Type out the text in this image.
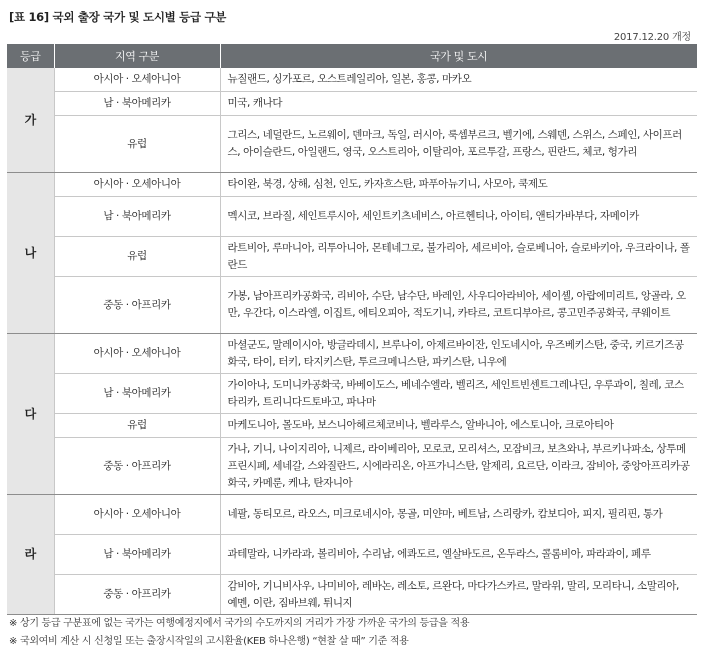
[표 16] 국외 출장 국가 및 도시별 등급 구분
2017.12.20 개정
등급	지역 구분	국가 및 도시
가	아시아 · 오세아니아	뉴질랜드, 싱가포르, 오스트레일리아, 일본, 홍콩, 마카오
	남 · 북아메리카	미국, 캐나다
	유럽	그리스, 네덜란드, 노르웨이, 덴마크, 독일, 러시아, 룩셈부르크, 벨기에, 스웨덴, 스위스, 스페인, 사이프러스, 아이슬란드, 아일랜드, 영국, 오스트리아, 이탈리아, 포르투갈, 프랑스, 핀란드, 체코, 헝가리
나	아시아 · 오세아니아	타이완, 북경, 상해, 심천, 인도, 카자흐스탄, 파푸아뉴기니, 사모아, 쿡제도
	남 · 북아메리카	멕시코, 브라질, 세인트루시아, 세인트키츠네비스, 아르헨티나, 아이티, 앤티가바부다, 자메이카
	유럽	라트비아, 루마니아, 리투아니아, 몬테네그로, 불가리아, 세르비아, 슬로베니아, 슬로바키아, 우크라이나, 폴란드
	중동 · 아프리카	가봉, 남아프리카공화국, 리비아, 수단, 남수단, 바레인, 사우디아라비아, 세이셸, 아랍에미리트, 앙골라, 오만, 우간다, 이스라엘, 이집트, 에티오피아, 적도기니, 카타르, 코트디부아르, 콩고민주공화국, 쿠웨이트
다	아시아 · 오세아니아	마셜군도, 말레이시아, 방글라데시, 브루나이, 아제르바이잔, 인도네시아, 우즈베키스탄, 중국, 키르기즈공화국, 타이, 터키, 타지키스탄, 투르크메니스탄, 파키스탄, 니우에
	남 · 북아메리카	가이아나, 도미니카공화국, 바베이도스, 베네수엘라, 벨리즈, 세인트빈센트그레나딘, 우루과이, 칠레, 코스타리카, 트리니다드토바고, 파나마
	유럽	마케도니아, 몰도바, 보스니아헤르체코비나, 벨라루스, 알바니아, 에스토니아, 크로아티아
	중동 · 아프리카	가나, 기니, 나이지리아, 니제르, 라이베리아, 모로코, 모리셔스, 모잠비크, 보츠와나, 부르키나파소, 상투메프린시페, 세네갈, 스와질란드, 시에라리온, 아프가니스탄, 알제리, 요르단, 이라크, 잠비아, 중앙아프리카공화국, 카메룬, 케냐, 탄자니아
라	아시아 · 오세아니아	네팔, 동티모르, 라오스, 미크로네시아, 몽골, 미얀마, 베트남, 스리랑카, 캄보디아, 피지, 필리핀, 통가
	남 · 북아메리카	과테말라, 니카라과, 볼리비아, 수리남, 에콰도르, 엘살바도르, 온두라스, 콜롬비아, 파라과이, 페루
	중동 · 아프리카	감비아, 기니비사우, 나미비아, 레바논, 레소토, 르완다, 마다가스카르, 말라위, 말리, 모리타니, 소말리아, 예멘, 이란, 짐바브웨, 튀니지
※ 상기 등급 구분표에 없는 국가는 여행예정지에서 국가의 수도까지의 거리가 가장 가까운 국가의 등급을 적용
※ 국외여비 계산 시 신청일 또는 출장시작일의 고시환율(KEB 하나은행) “현찰 살 때” 기준 적용
